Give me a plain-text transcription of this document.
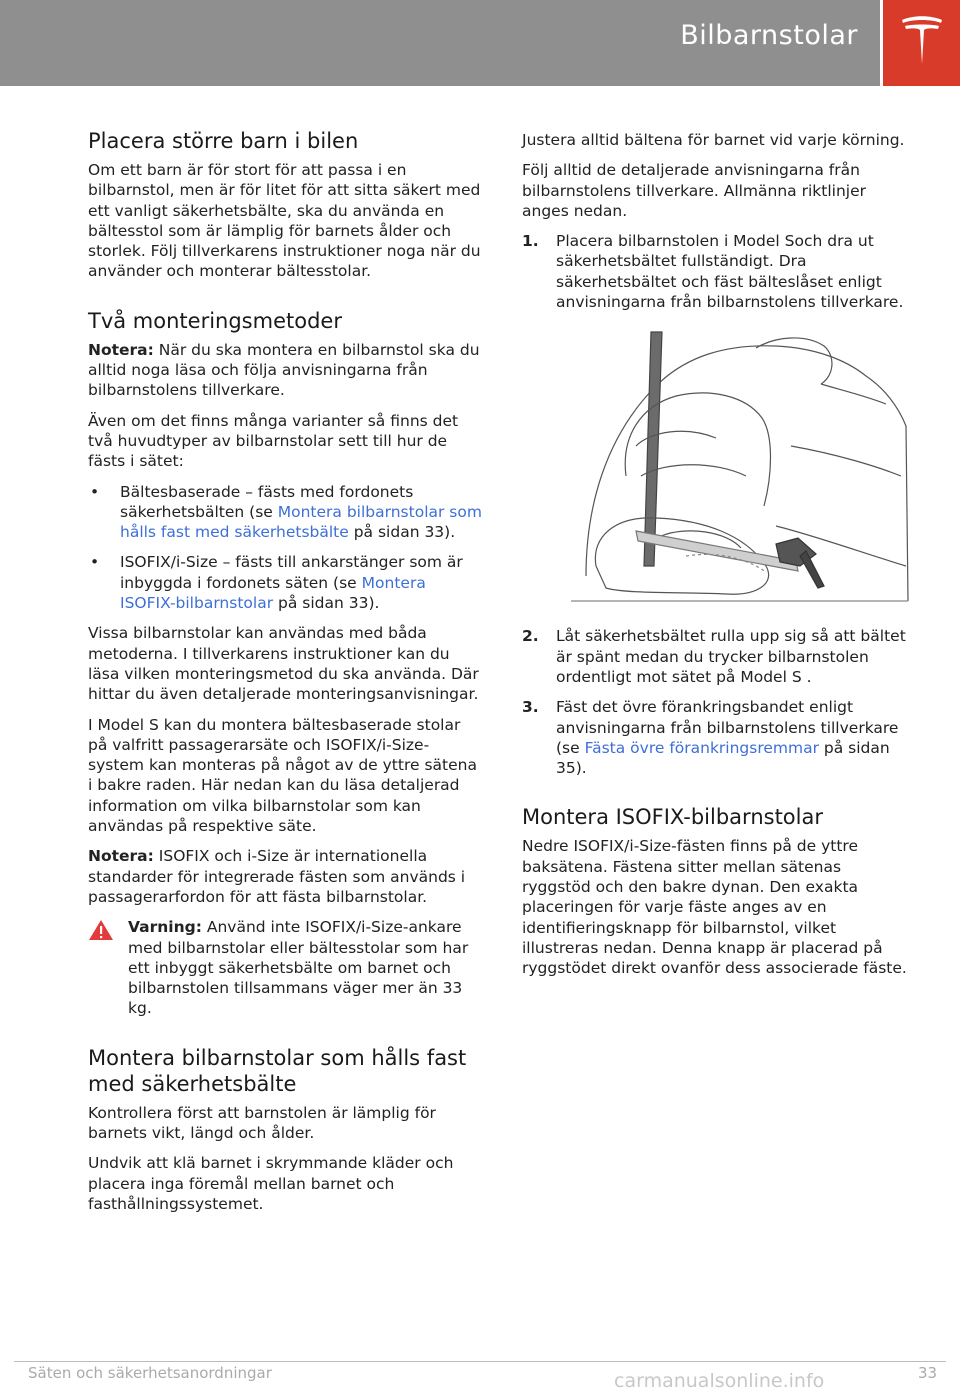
Bilbarnstolar
Placera större barn i bilen

Om ett barn är för stort för att passa i en bilbarnstol, men är för litet för att sitta säkert med ett vanligt säkerhetsbälte, ska du använda en bältesstol som är lämplig för barnets ålder och storlek. Följ tillverkarens instruktioner noga när du använder och monterar bältesstolar.

Två monteringsmetoder

Notera: När du ska montera en bilbarnstol ska du alltid noga läsa och följa anvisningarna från bilbarnstolens tillverkare.

Även om det finns många varianter så finns det två huvudtyper av bilbarnstolar sett till hur de fästs i sätet:

• Bältesbaserade – fästs med fordonets säkerhetsbälten (se Montera bilbarnstolar som hålls fast med säkerhetsbälte på sidan 33).
• ISOFIX/i-Size – fästs till ankarstänger som är inbyggda i fordonets säten (se Montera ISOFIX-bilbarnstolar på sidan 33).

Vissa bilbarnstolar kan användas med båda metoderna. I tillverkarens instruktioner kan du läsa vilken monteringsmetod du ska använda. Där hittar du även detaljerade monteringsanvisningar.

I Model S kan du montera bältesbaserade stolar på valfritt passagerarsäte och ISOFIX/i-Size-system kan monteras på något av de yttre sätena i bakre raden. Här nedan kan du läsa detaljerad information om vilka bilbarnstolar som kan användas på respektive säte.

Notera: ISOFIX och i-Size är internationella standarder för integrerade fästen som används i passagerarfordon för att fästa bilbarnstolar.

Varning: Använd inte ISOFIX/i-Size-ankare med bilbarnstolar eller bältesstolar som har ett inbyggt säkerhetsbälte om barnet och bilbarnstolen tillsammans väger mer än 33 kg.
Montera bilbarnstolar som hålls fast med säkerhetsbälte

Kontrollera först att barnstolen är lämplig för barnets vikt, längd och ålder.

Undvik att klä barnet i skrymmande kläder och placera inga föremål mellan barnet och fasthållningssystemet.

Justera alltid bältena för barnet vid varje körning.

Följ alltid de detaljerade anvisningarna från bilbarnstolens tillverkare. Allmänna riktlinjer anges nedan.

1. Placera bilbarnstolen i Model Soch dra ut säkerhetsbältet fullständigt. Dra säkerhetsbältet och fäst bälteslåset enligt anvisningarna från bilbarnstolens tillverkare.
2. Låt säkerhetsbältet rulla upp sig så att bältet är spänt medan du trycker bilbarnstolen ordentligt mot sätet på Model S .
3. Fäst det övre förankringsbandet enligt anvisningarna från bilbarnstolens tillverkare (se Fästa övre förankringsremmar på sidan 35).
Montera ISOFIX-bilbarnstolar

Nedre ISOFIX/i-Size-fästen finns på de yttre baksätena. Fästena sitter mellan sätenas ryggstöd och den bakre dynan. Den exakta placeringen för varje fäste anges av en identifieringsknapp för bilbarnstol, vilket illustreras nedan. Denna knapp är placerad på ryggstödet direkt ovanför dess associerade fäste.

Säten och säkerhetsanordningar	33
carmanualsonline.info
